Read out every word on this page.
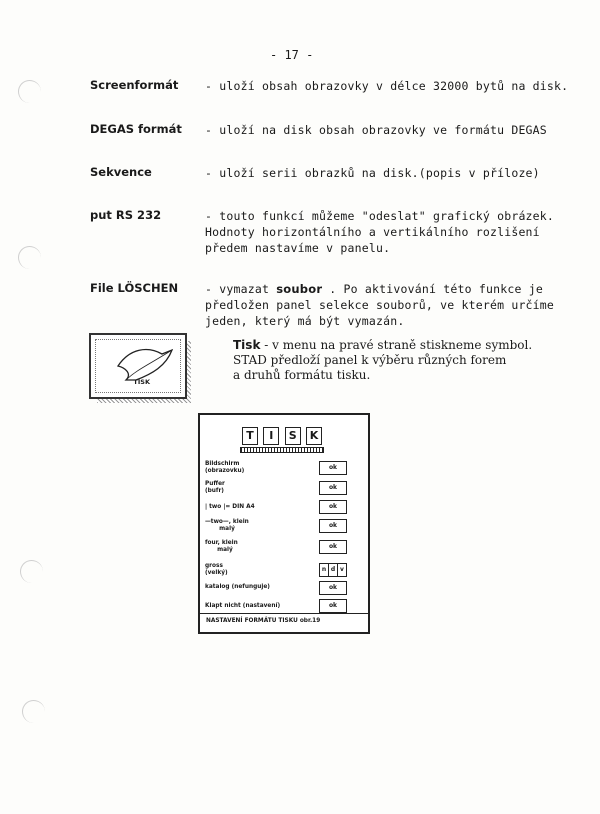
- 17 -
Screenformát - uloží obsah obrazovky v délce 32000 bytů na disk.
DEGAS formát - uloží na disk obsah obrazovky ve formátu DEGAS
Sekvence	- uloží serii obrazků na disk.(popis v příloze)
put RS 232	- touto funkcí můžeme "odeslat" grafický obrázek.
Hodnoty horizontálního a vertikálního rozlišení
předem nastavíme v panelu.
File LÖSCHEN - vymazat soubor . Po aktivování této funkce je
předložen panel selekce souborů, ve kterém určíme
jeden, který má být vymazán.
TISK
Tisk - v menu na pravé straně stiskneme symbol.
STAD předloží panel k výběru různých forem
a druhů formátu tisku.
T	I	S	K
Bildschirm
(obrazovku)	ok
Puffer
(bufr)	ok
| two |= DIN A4	ok
—two—, klein
malý	ok
four, klein
malý	ok
gross
(velký)	n d v
katalog (nefunguje)	ok
Klapt nicht (nastavení)	ok
NASTAVENÍ FORMÁTU TISKU obr.19
